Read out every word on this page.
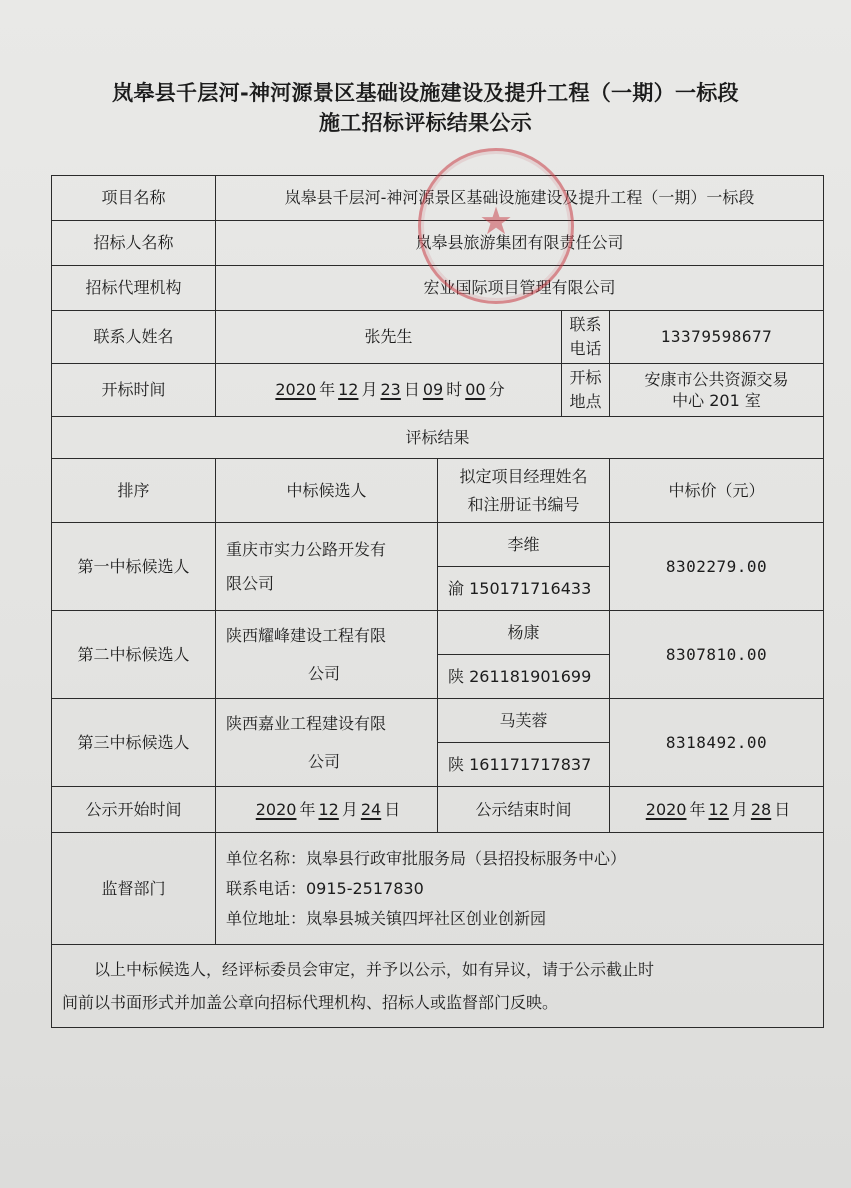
岚皋县千层河-神河源景区基础设施建设及提升工程（一期）一标段
施工招标评标结果公示
项目名称	岚皋县千层河-神河源景区基础设施建设及提升工程（一期）一标段			
招标人名称	岚皋县旅游集团有限责任公司			
招标代理机构	宏业国际项目管理有限公司			
联系人姓名	张先生		联系电话	13379598677
开标时间	2020 年 12 月 23 日 09 时 00 分		开标地点	安康市公共资源交易
中心 201 室
评标结果				
排序	中标候选人	拟定项目经理姓名
和注册证书编号		中标价（元）
第一中标候选人	重庆市实力公路开发有
限公司	李维		8302279.00
		渝 150171716433		
第二中标候选人	陕西耀峰建设工程有限
公司	杨康		8307810.00
		陕 261181901699		
第三中标候选人	陕西嘉业工程建设有限
公司	马芙蓉		8318492.00
		陕 161171717837		
公示开始时间	2020 年 12 月 24 日	公示结束时间		2020 年 12 月 28 日
监督部门	单位名称：岚皋县行政审批服务局（县招投标服务中心）
联系电话：0915-2517830
单位地址：岚皋县城关镇四坪社区创业创新园			

以上中标候选人，经评标委员会审定，并予以公示，如有异议，请于公示截止时
间前以书面形式并加盖公章向招标代理机构、招标人或监督部门反映。				
★
